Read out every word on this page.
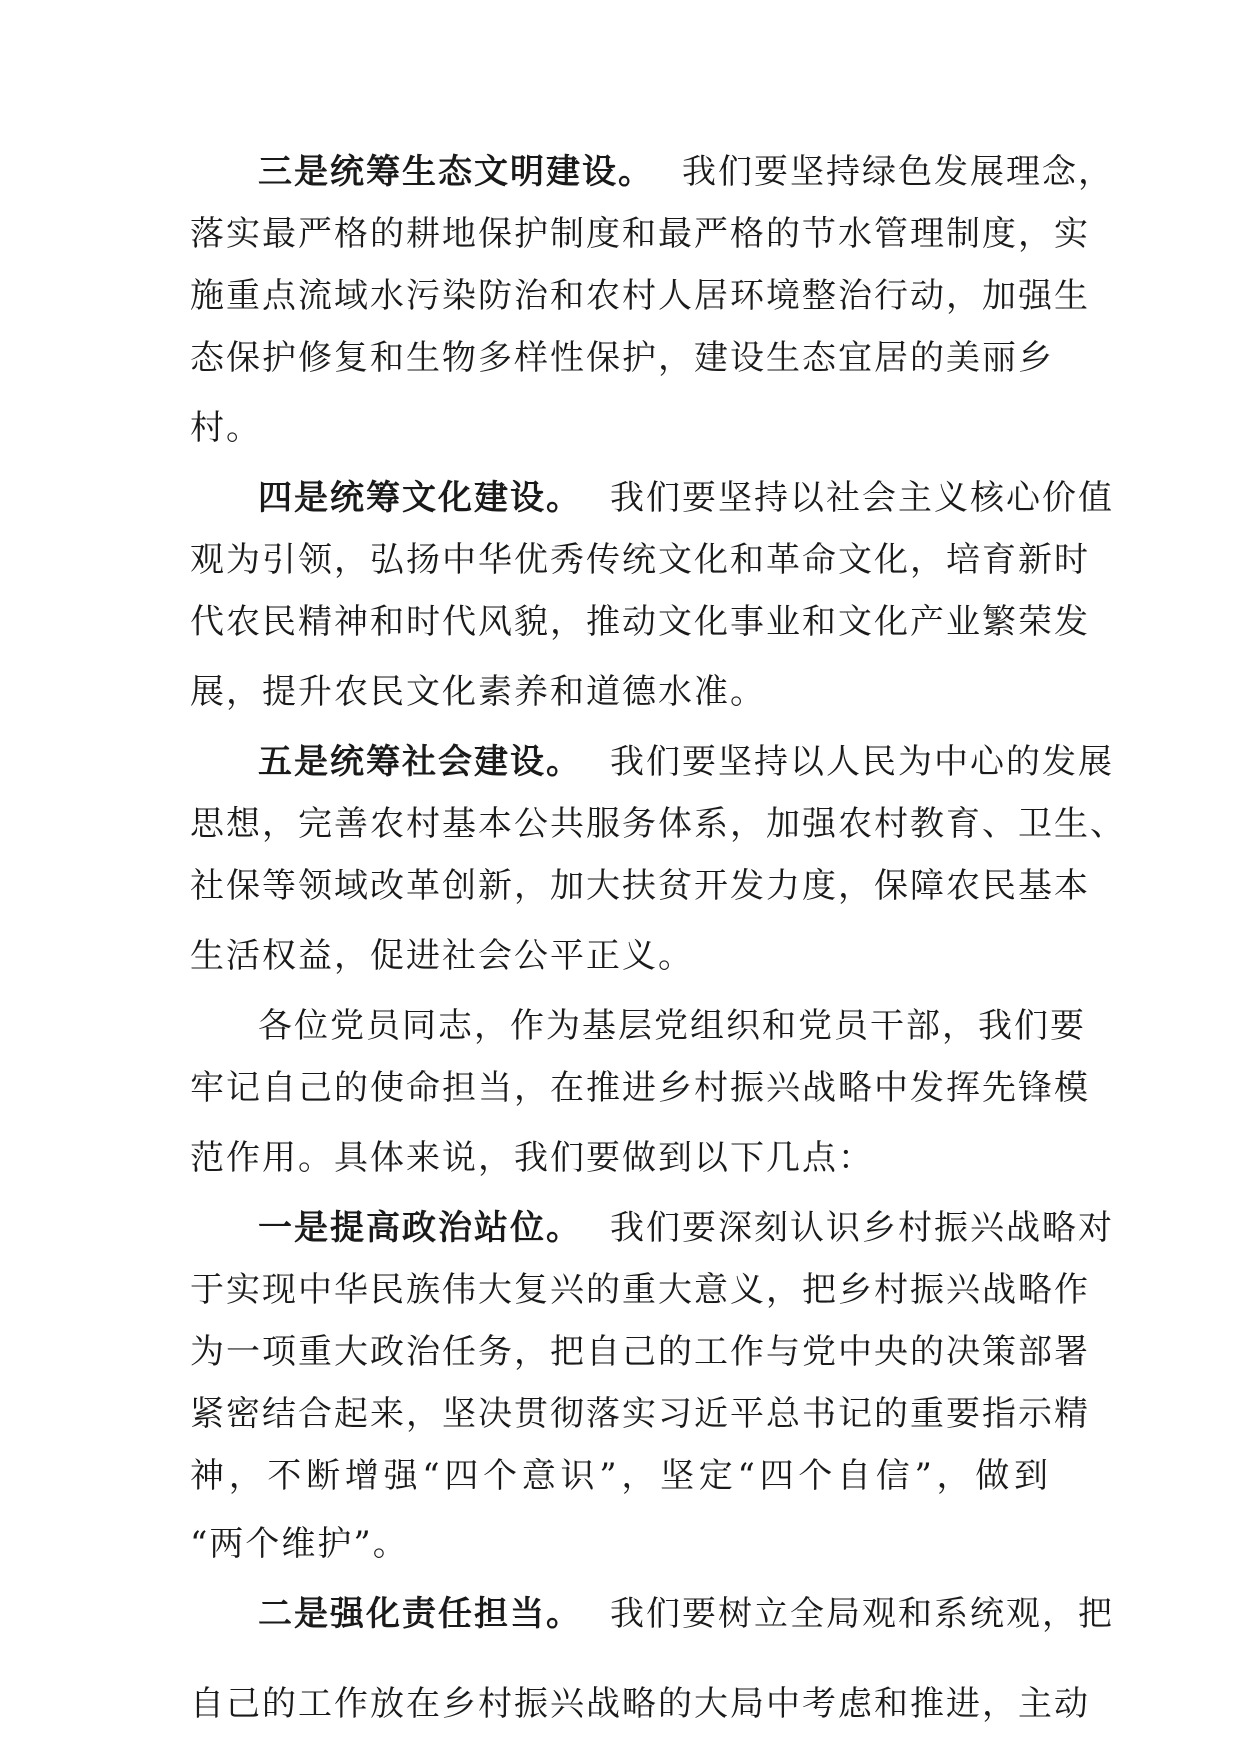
三是统筹生态文明建设。 我们要坚持绿色发展理念，
落实最严格的耕地保护制度和最严格的节水管理制度，实
施重点流域水污染防治和农村人居环境整治行动，加强生
态保护修复和生物多样性保护，建设生态宜居的美丽乡
村。
四是统筹文化建设。 我们要坚持以社会主义核心价值
观为引领，弘扬中华优秀传统文化和革命文化，培育新时
代农民精神和时代风貌，推动文化事业和文化产业繁荣发
展，提升农民文化素养和道德水准。
五是统筹社会建设。 我们要坚持以人民为中心的发展
思想，完善农村基本公共服务体系，加强农村教育、卫生、
社保等领域改革创新，加大扶贫开发力度，保障农民基本
生活权益，促进社会公平正义。
各位党员同志，作为基层党组织和党员干部，我们要
牢记自己的使命担当，在推进乡村振兴战略中发挥先锋模
范作用。具体来说，我们要做到以下几点：
一是提高政治站位。 我们要深刻认识乡村振兴战略对
于实现中华民族伟大复兴的重大意义，把乡村振兴战略作
为一项重大政治任务，把自己的工作与党中央的决策部署
紧密结合起来，坚决贯彻落实习近平总书记的重要指示精
神，不断增强“四个意识”，坚定“四个自信”，做到
“两个维护”。
二是强化责任担当。 我们要树立全局观和系统观，把
自己的工作放在乡村振兴战略的大局中考虑和推进，主动
